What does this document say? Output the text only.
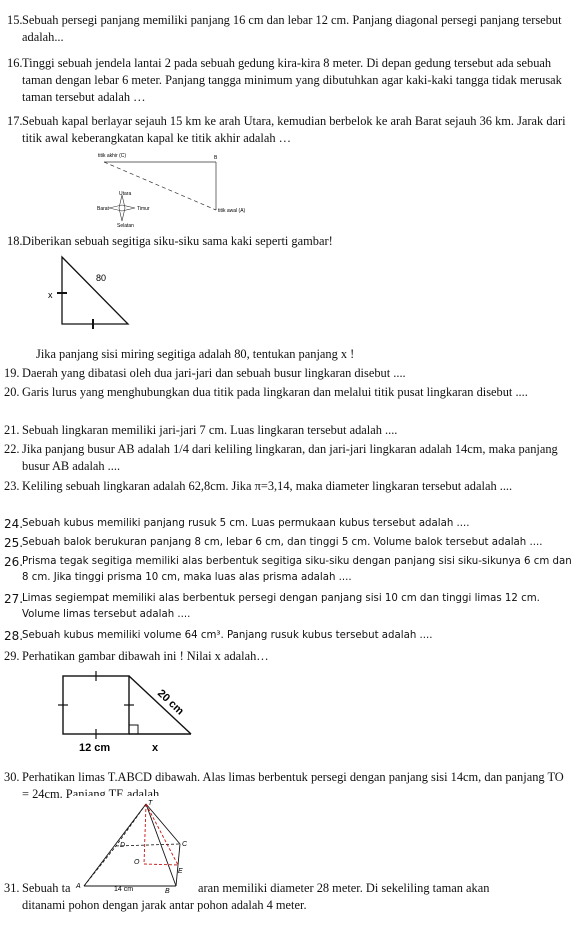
15. Sebuah persegi panjang memiliki panjang 16 cm dan lebar 12 cm. Panjang diagonal persegi panjang tersebut adalah...
16. Tinggi sebuah jendela lantai 2 pada sebuah gedung kira-kira 8 meter. Di depan gedung tersebut ada sebuah taman dengan lebar 6 meter. Panjang tangga minimum yang dibutuhkan agar kaki-kaki tangga tidak merusak taman tersebut adalah …
17. Sebuah kapal berlayar sejauh 15 km ke arah Utara, kemudian berbelok ke arah Barat sejauh 36 km. Jarak dari titik awal keberangkatan kapal ke titik akhir adalah …
titik akhir (C)	B
titik awal (A)
Utara
Selatan
Barat	Timur
18. Diberikan sebuah segitiga siku-siku sama kaki seperti gambar!
80
x
Jika panjang sisi miring segitiga adalah 80, tentukan panjang x !
19. Daerah yang dibatasi oleh dua jari-jari dan sebuah busur lingkaran disebut ....
20. Garis lurus yang menghubungkan dua titik pada lingkaran dan melalui titik pusat lingkaran disebut ....
21. Sebuah lingkaran memiliki jari-jari 7 cm. Luas lingkaran tersebut adalah ....
22. Jika panjang busur AB adalah 1/4 dari keliling lingkaran, dan jari-jari lingkaran adalah 14cm, maka panjang busur AB adalah ....
23. Keliling sebuah lingkaran adalah 62,8cm. Jika π=3,14, maka diameter lingkaran tersebut adalah ....
24.
Sebuah kubus memiliki panjang rusuk 5 cm. Luas permukaan kubus tersebut adalah ....
25.
Sebuah balok berukuran panjang 8 cm, lebar 6 cm, dan tinggi 5 cm. Volume balok tersebut adalah ....
26.
Prisma tegak segitiga memiliki alas berbentuk segitiga siku-siku dengan panjang sisi siku-sikunya 6 cm dan 8 cm. Jika tinggi prisma 10 cm, maka luas alas prisma adalah ....
27.
Limas segiempat memiliki alas berbentuk persegi dengan panjang sisi 10 cm dan tinggi limas 12 cm. Volume limas tersebut adalah ....
28.
Sebuah kubus memiliki volume 64 cm³. Panjang rusuk kubus tersebut adalah ....
29. Perhatikan gambar dibawah ini ! Nilai x adalah…
20 cm
12 cm	x
30. Perhatikan limas T.ABCD dibawah. Alas limas berbentuk persegi dengan panjang sisi 14cm, dan panjang TO = 24cm. Panjang TE adalah…
31. Sebuah ta	aran memiliki diameter 28 meter. Di sekeliling taman akan
ditanami pohon dengan jarak antar pohon adalah 4 meter.
T
D	C
O
E
A
B
14 cm
